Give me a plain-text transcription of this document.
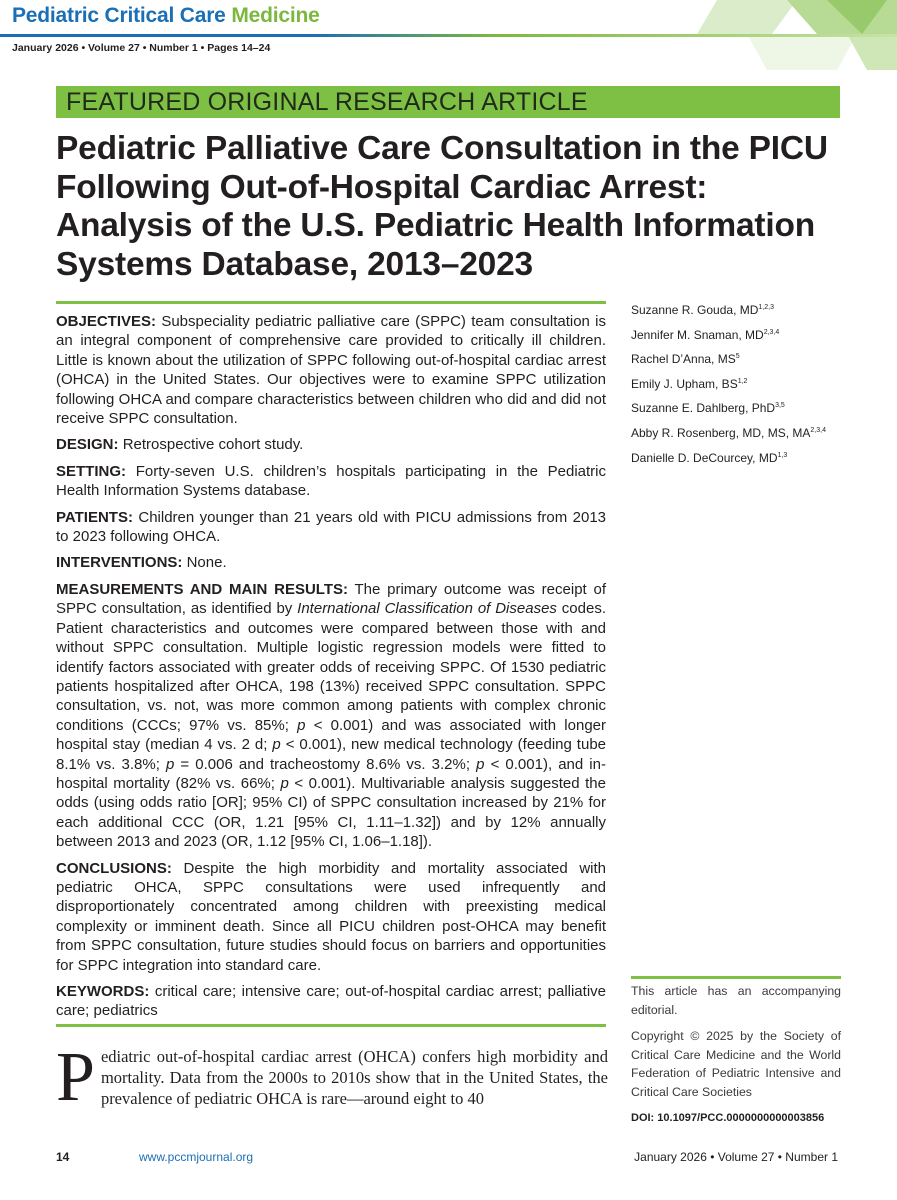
Pediatric Critical Care Medicine
January 2026 • Volume 27 • Number 1 • Pages 14–24
FEATURED ORIGINAL RESEARCH ARTICLE
Pediatric Palliative Care Consultation in the PICU Following Out-of-Hospital Cardiac Arrest: Analysis of the U.S. Pediatric Health Information Systems Database, 2013–2023

OBJECTIVES: Subspeciality pediatric palliative care (SPPC) team consultation is an integral component of comprehensive care provided to critically ill children. Little is known about the utilization of SPPC following out-of-hospital cardiac arrest (OHCA) in the United States. Our objectives were to examine SPPC utilization following OHCA and compare characteristics between children who did and did not receive SPPC consultation.

DESIGN: Retrospective cohort study.

SETTING: Forty-seven U.S. children’s hospitals participating in the Pediatric Health Information Systems database.

PATIENTS: Children younger than 21 years old with PICU admissions from 2013 to 2023 following OHCA.

INTERVENTIONS: None.

MEASUREMENTS AND MAIN RESULTS: The primary outcome was receipt of SPPC consultation, as identified by International Classification of Diseases codes. Patient characteristics and outcomes were compared between those with and without SPPC consultation. Multiple logistic regression models were fitted to identify factors associated with greater odds of receiving SPPC. Of 1530 pediatric patients hospitalized after OHCA, 198 (13%) received SPPC consultation. SPPC consultation, vs. not, was more common among patients with complex chronic conditions (CCCs; 97% vs. 85%; p < 0.001) and was associated with longer hospital stay (median 4 vs. 2 d; p < 0.001), new medical technology (feeding tube 8.1% vs. 3.8%; p = 0.006 and tracheostomy 8.6% vs. 3.2%; p < 0.001), and in-hospital mortality (82% vs. 66%; p < 0.001). Multivariable analysis suggested the odds (using odds ratio [OR]; 95% CI) of SPPC consultation increased by 21% for each additional CCC (OR, 1.21 [95% CI, 1.11–1.32]) and by 12% annually between 2013 and 2023 (OR, 1.12 [95% CI, 1.06–1.18]).

CONCLUSIONS: Despite the high morbidity and mortality associated with pediatric OHCA, SPPC consultations were used infrequently and disproportionately concentrated among children with preexisting medical complexity or imminent death. Since all PICU children post-OHCA may benefit from SPPC consultation, future studies should focus on barriers and opportunities for SPPC integration into standard care.

KEYWORDS: critical care; intensive care; out-of-hospital cardiac arrest; palliative care; pediatrics

Suzanne R. Gouda, MD$^{1,2,3}$
Jennifer M. Snaman, MD$^{2,3,4}$
Rachel D’Anna, $MS^5$
Emily J. Upham, BS$^{1,2}$
Suzanne E. Dahlberg, PhD$^{3,5}$
Abby R. Rosenberg, MD, MS, MA$^{2,3,4}$
Danielle D. DeCourcey, MD$^{1,3}$

This article has an accompanying editorial.

Copyright © 2025 by the Society of Critical Care Medicine and the World Federation of Pediatric Intensive and Critical Care Societies

DOI: 10.1097/PCC.0000000000003856

Pediatric out-of-hospital cardiac arrest (OHCA) confers high morbidity and mortality. Data from the 2000s to 2010s show that in the United States, the prevalence of pediatric OHCA is rare—around eight to 40
14	www.pccmjournal.org	January 2026 • Volume 27 • Number 1
